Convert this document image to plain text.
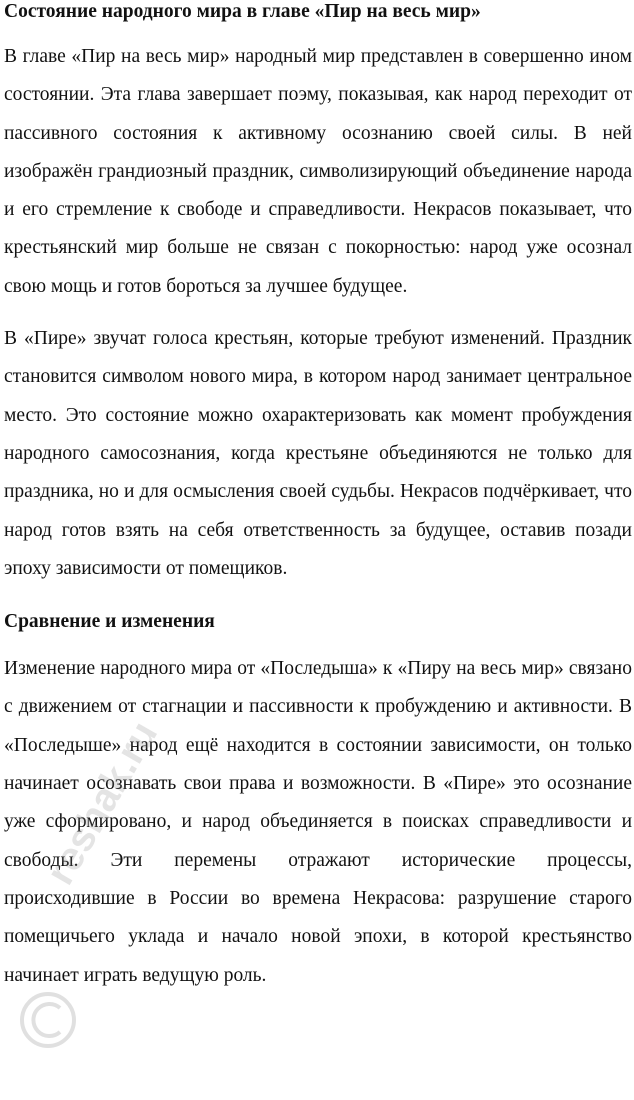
Состояние народного мира в главе «Пир на весь мир»

В главе «Пир на весь мир» народный мир представлен в совершенно ином состоянии. Эта глава завершает поэму, показывая, как народ переходит от пассивного состояния к активному осознанию своей силы. В ней изображён грандиозный праздник, символизирующий объединение народа и его стремление к свободе и справедливости. Некрасов показывает, что крестьянский мир больше не связан с покорностью: народ уже осознал свою мощь и готов бороться за лучшее будущее.

В «Пире» звучат голоса крестьян, которые требуют изменений. Праздник становится символом нового мира, в котором народ занимает центральное место. Это состояние можно охарактеризовать как момент пробуждения народного самосознания, когда крестьяне объединяются не только для праздника, но и для осмысления своей судьбы. Некрасов подчёркивает, что народ готов взять на себя ответственность за будущее, оставив позади эпоху зависимости от помещиков.

Сравнение и изменения

Изменение народного мира от «Последыша» к «Пиру на весь мир» связано с движением от стагнации и пассивности к пробуждению и активности. В «Последыше» народ ещё находится в состоянии зависимости, он только начинает осознавать свои права и возможности. В «Пире» это осознание уже сформировано, и народ объединяется в поисках справедливости и свободы. Эти перемены отражают исторические процессы, происходившие в России во времена Некрасова: разрушение старого помещичьего уклада и начало новой эпохи, в которой крестьянство начинает играть ведущую роль.

reshak.ru
